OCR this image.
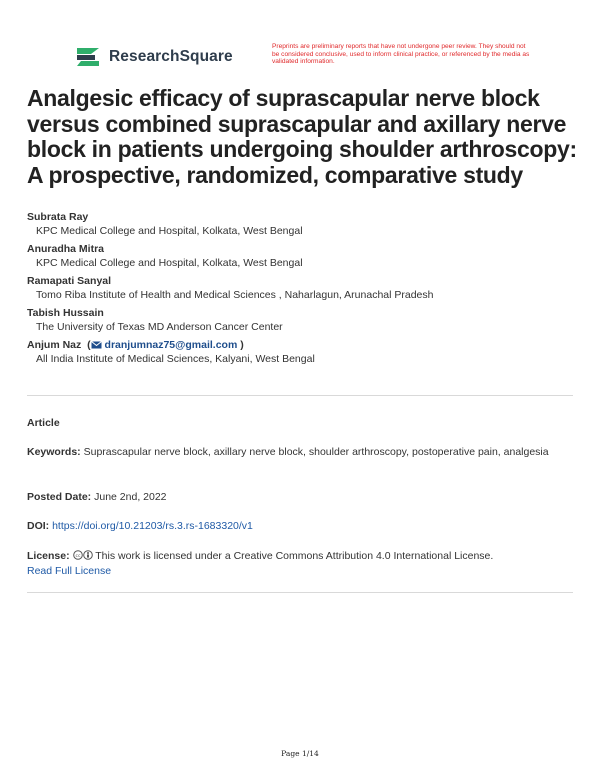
ResearchSquare
Preprints are preliminary reports that have not undergone peer review. They should not be considered conclusive, used to inform clinical practice, or referenced by the media as validated information.
Analgesic efficacy of suprascapular nerve block versus combined suprascapular and axillary nerve block in patients undergoing shoulder arthroscopy: A prospective, randomized, comparative study
Subrata Ray
KPC Medical College and Hospital, Kolkata, West Bengal
Anuradha Mitra
KPC Medical College and Hospital, Kolkata, West Bengal
Ramapati Sanyal
Tomo Riba Institute of Health and Medical Sciences , Naharlagun, Arunachal Pradesh
Tabish Hussain
The University of Texas MD Anderson Cancer Center
Anjum Naz  ( dranjumnaz75@gmail.com )
All India Institute of Medical Sciences, Kalyani, West Bengal
Article
Keywords: Suprascapular nerve block, axillary nerve block, shoulder arthroscopy, postoperative pain, analgesia
Posted Date: June 2nd, 2022
DOI: https://doi.org/10.21203/rs.3.rs-1683320/v1
License: cc This work is licensed under a Creative Commons Attribution 4.0 International License.
Read Full License
Page 1/14
